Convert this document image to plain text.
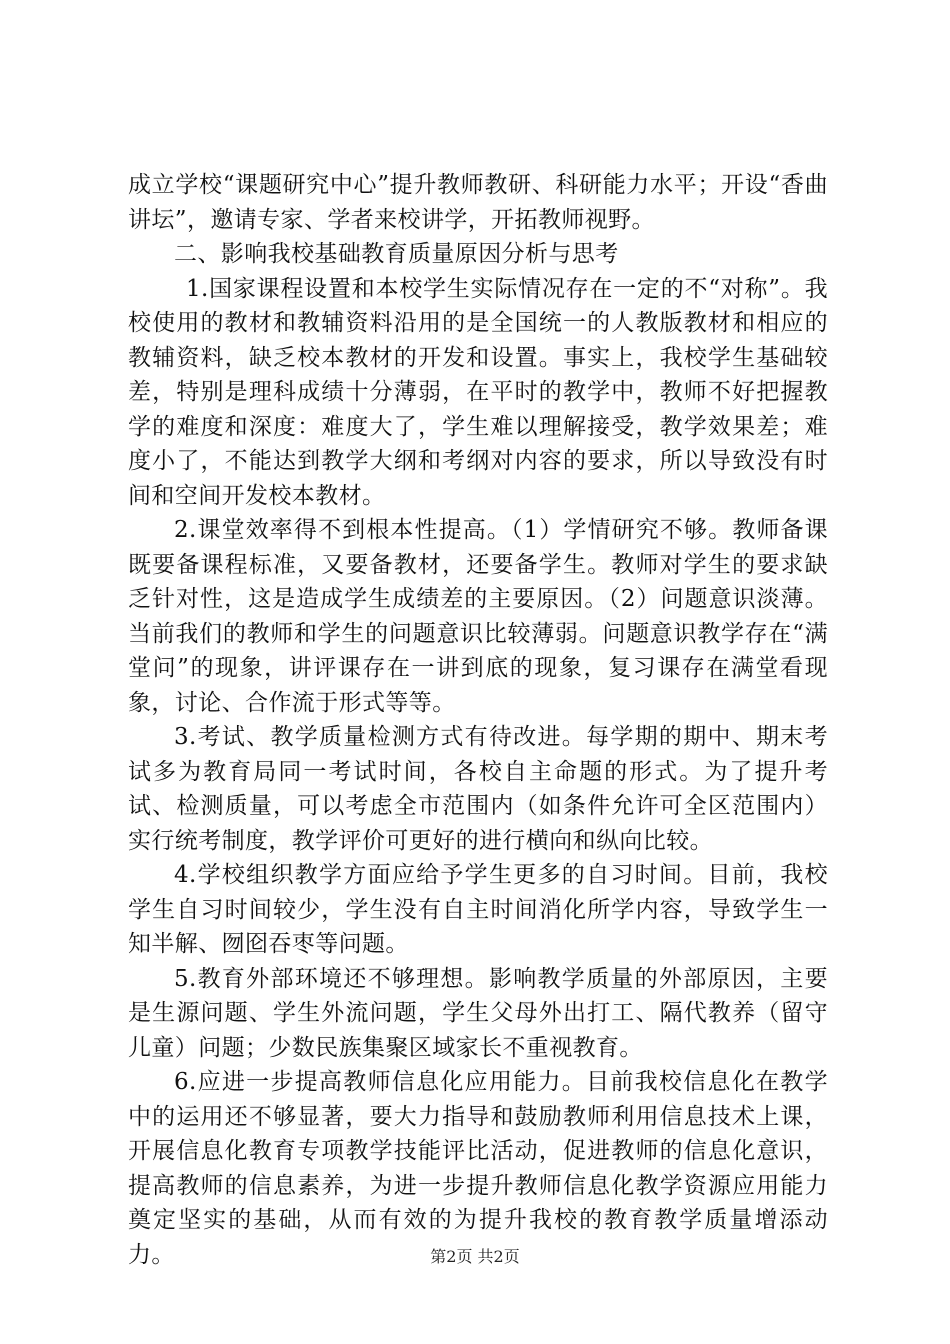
成立学校“课题研究中心”提升教师教研、科研能力水平；开设“香曲讲坛”，邀请专家、学者来校讲学，开拓教师视野。

二、影响我校基础教育质量原因分析与思考

1.国家课程设置和本校学生实际情况存在一定的不“对称”。我校使用的教材和教辅资料沿用的是全国统一的人教版教材和相应的教辅资料，缺乏校本教材的开发和设置。事实上，我校学生基础较差，特别是理科成绩十分薄弱，在平时的教学中，教师不好把握教学的难度和深度：难度大了，学生难以理解接受，教学效果差；难度小了，不能达到教学大纲和考纲对内容的要求，所以导致没有时间和空间开发校本教材。

2.课堂效率得不到根本性提高。（1）学情研究不够。教师备课既要备课程标准，又要备教材，还要备学生。教师对学生的要求缺乏针对性，这是造成学生成绩差的主要原因。（2）问题意识淡薄。当前我们的教师和学生的问题意识比较薄弱。问题意识教学存在“满堂问”的现象，讲评课存在一讲到底的现象，复习课存在满堂看现象，讨论、合作流于形式等等。

3.考试、教学质量检测方式有待改进。每学期的期中、期末考试多为教育局同一考试时间，各校自主命题的形式。为了提升考试、检测质量，可以考虑全市范围内（如条件允许可全区范围内）实行统考制度，教学评价可更好的进行横向和纵向比较。

4.学校组织教学方面应给予学生更多的自习时间。目前，我校学生自习时间较少，学生没有自主时间消化所学内容，导致学生一知半解、囫囵吞枣等问题。

5.教育外部环境还不够理想。影响教学质量的外部原因，主要是生源问题、学生外流问题，学生父母外出打工、隔代教养（留守儿童）问题；少数民族集聚区域家长不重视教育。

6.应进一步提高教师信息化应用能力。目前我校信息化在教学中的运用还不够显著，要大力指导和鼓励教师利用信息技术上课，开展信息化教育专项教学技能评比活动，促进教师的信息化意识，提高教师的信息素养，为进一步提升教师信息化教学资源应用能力奠定坚实的基础，从而有效的为提升我校的教育教学质量增添动力。	第2页 共2页
